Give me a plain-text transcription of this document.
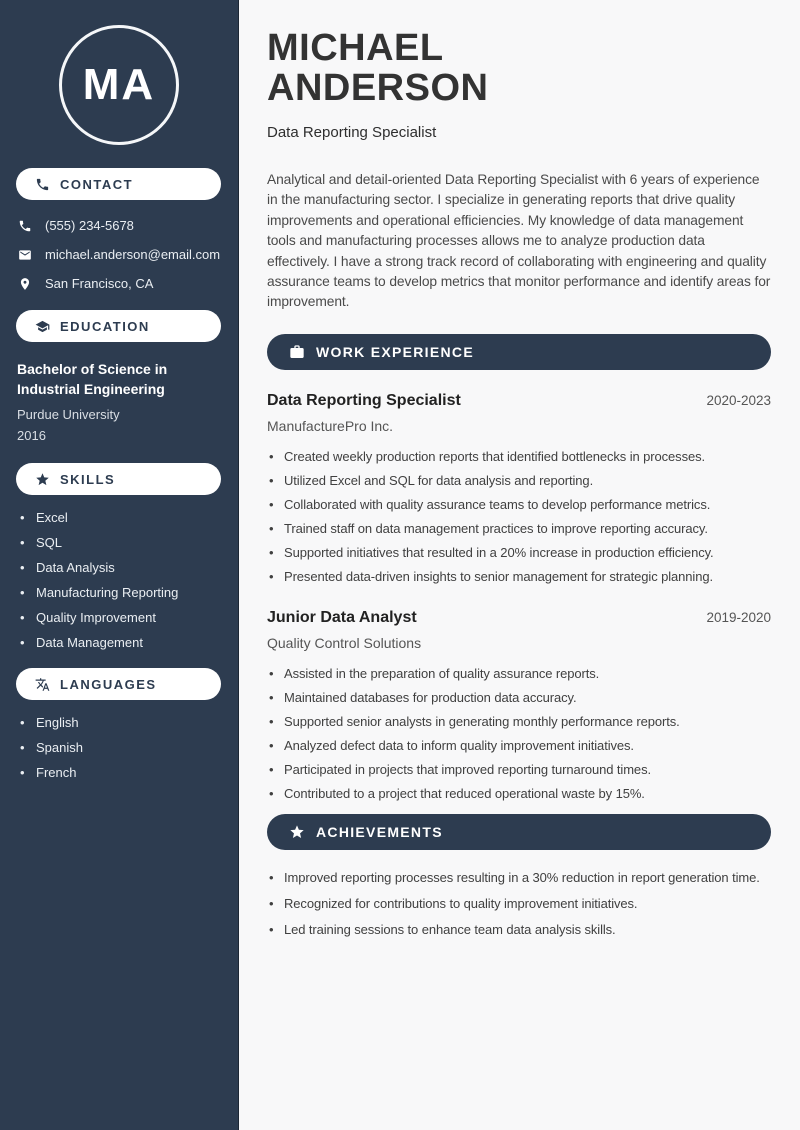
MA
CONTACT
(555) 234-5678
michael.anderson@email.com
San Francisco, CA
EDUCATION
Bachelor of Science in Industrial Engineering
Purdue University
2016
SKILLS
• Excel
• SQL
• Data Analysis
• Manufacturing Reporting
• Quality Improvement
• Data Management
LANGUAGES
• English
• Spanish
• French
MICHAEL
ANDERSON
Data Reporting Specialist

Analytical and detail-oriented Data Reporting Specialist with 6 years of experience in the manufacturing sector. I specialize in generating reports that drive quality improvements and operational efficiencies. My knowledge of data management tools and manufacturing processes allows me to analyze production data effectively. I have a strong track record of collaborating with engineering and quality assurance teams to develop metrics that monitor performance and identify areas for improvement.

WORK EXPERIENCE
Data Reporting Specialist	2020-2023
ManufacturePro Inc.
• Created weekly production reports that identified bottlenecks in processes.
• Utilized Excel and SQL for data analysis and reporting.
• Collaborated with quality assurance teams to develop performance metrics.
• Trained staff on data management practices to improve reporting accuracy.
• Supported initiatives that resulted in a 20% increase in production efficiency.
• Presented data-driven insights to senior management for strategic planning.
Junior Data Analyst	2019-2020
Quality Control Solutions
• Assisted in the preparation of quality assurance reports.
• Maintained databases for production data accuracy.
• Supported senior analysts in generating monthly performance reports.
• Analyzed defect data to inform quality improvement initiatives.
• Participated in projects that improved reporting turnaround times.
• Contributed to a project that reduced operational waste by 15%.
ACHIEVEMENTS
• Improved reporting processes resulting in a 30% reduction in report generation time.
• Recognized for contributions to quality improvement initiatives.
• Led training sessions to enhance team data analysis skills.
